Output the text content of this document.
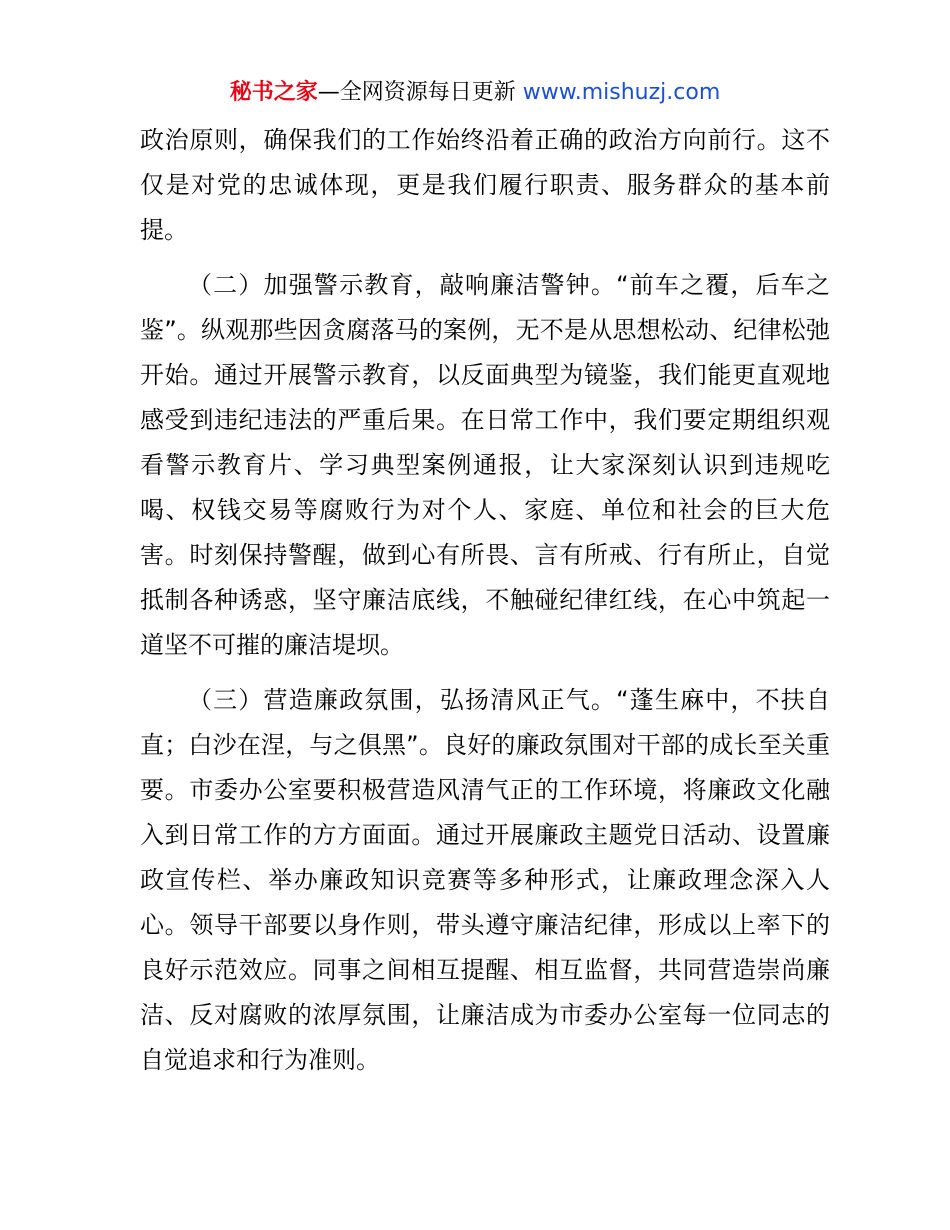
秘书之家—全网资源每日更新 www.mishuzj.com

政治原则，确保我们的工作始终沿着正确的政治方向前行。这不仅是对党的忠诚体现，更是我们履行职责、服务群众的基本前提。

（二）加强警示教育，敲响廉洁警钟。“前车之覆，后车之鉴”。纵观那些因贪腐落马的案例，无不是从思想松动、纪律松弛开始。通过开展警示教育，以反面典型为镜鉴，我们能更直观地感受到违纪违法的严重后果。在日常工作中，我们要定期组织观看警示教育片、学习典型案例通报，让大家深刻认识到违规吃喝、权钱交易等腐败行为对个人、家庭、单位和社会的巨大危害。时刻保持警醒，做到心有所畏、言有所戒、行有所止，自觉抵制各种诱惑，坚守廉洁底线，不触碰纪律红线，在心中筑起一道坚不可摧的廉洁堤坝。

（三）营造廉政氛围，弘扬清风正气。“蓬生麻中，不扶自直；白沙在涅，与之俱黑”。良好的廉政氛围对干部的成长至关重要。市委办公室要积极营造风清气正的工作环境，将廉政文化融入到日常工作的方方面面。通过开展廉政主题党日活动、设置廉政宣传栏、举办廉政知识竞赛等多种形式，让廉政理念深入人心。领导干部要以身作则，带头遵守廉洁纪律，形成以上率下的良好示范效应。同事之间相互提醒、相互监督，共同营造崇尚廉洁、反对腐败的浓厚氛围，让廉洁成为市委办公室每一位同志的自觉追求和行为准则。
